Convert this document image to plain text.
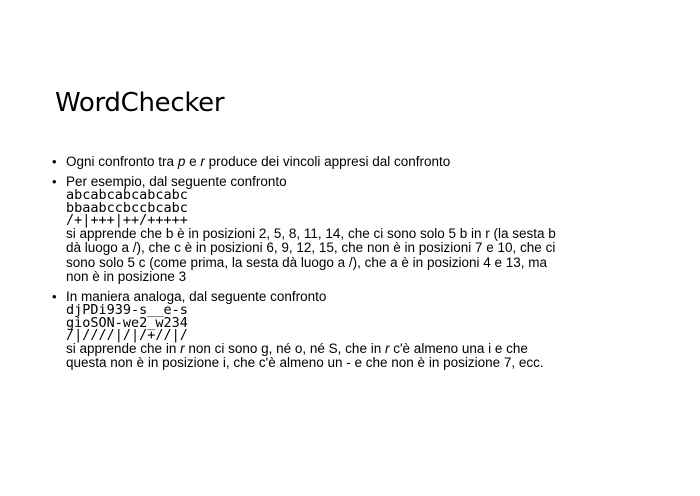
WordChecker
• Ogni confronto tra p e r produce dei vincoli appresi dal confronto
• Per esempio, dal seguente confronto
abcabcabcabcabc
bbaabccbccbcabc
/+|+++|++/+++++
si apprende che b è in posizioni 2, 5, 8, 11, 14, che ci sono solo 5 b in r (la sesta b
dà luogo a /), che c è in posizioni 6, 9, 12, 15, che non è in posizioni 7 e 10, che ci
sono solo 5 c (come prima, la sesta dà luogo a /), che a è in posizioni 4 e 13, ma
non è in posizione 3
• In maniera analoga, dal seguente confronto
djPDi939-s__e-s
gioSON-we2_w234
/|////|/|/+//|/
si apprende che in r non ci sono g, né o, né S, che in r c'è almeno una i e che
questa non è in posizione i, che c'è almeno un - e che non è in posizione 7, ecc.
